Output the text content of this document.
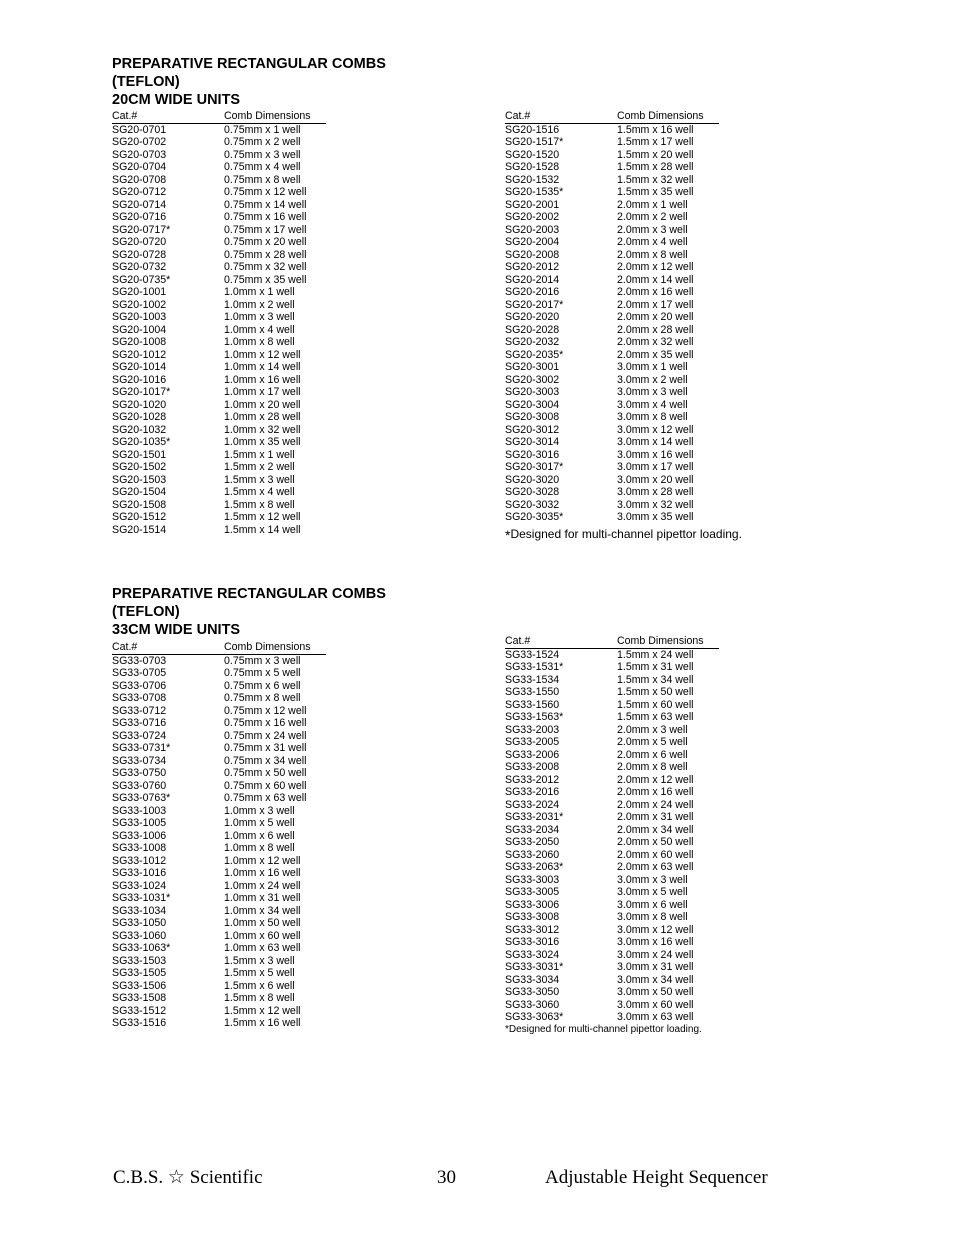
PREPARATIVE RECTANGULAR COMBS
(TEFLON)
20CM WIDE UNITS
Cat.#	Comb Dimensions
SG20-0701	0.75mm x 1 well
SG20-0702	0.75mm x 2 well
SG20-0703	0.75mm x 3 well
SG20-0704	0.75mm x 4 well
SG20-0708	0.75mm x 8 well
SG20-0712	0.75mm x 12 well
SG20-0714	0.75mm x 14 well
SG20-0716	0.75mm x 16 well
SG20-0717*	0.75mm x 17 well
SG20-0720	0.75mm x 20 well
SG20-0728	0.75mm x 28 well
SG20-0732	0.75mm x 32 well
SG20-0735*	0.75mm x 35 well
SG20-1001	1.0mm x 1 well
SG20-1002	1.0mm x 2 well
SG20-1003	1.0mm x 3 well
SG20-1004	1.0mm x 4 well
SG20-1008	1.0mm x 8 well
SG20-1012	1.0mm x 12 well
SG20-1014	1.0mm x 14 well
SG20-1016	1.0mm x 16 well
SG20-1017*	1.0mm x 17 well
SG20-1020	1.0mm x 20 well
SG20-1028	1.0mm x 28 well
SG20-1032	1.0mm x 32 well
SG20-1035*	1.0mm x 35 well
SG20-1501	1.5mm x 1 well
SG20-1502	1.5mm x 2 well
SG20-1503	1.5mm x 3 well
SG20-1504	1.5mm x 4 well
SG20-1508	1.5mm x 8 well
SG20-1512	1.5mm x 12 well
SG20-1514	1.5mm x 14 well
Cat.#	Comb Dimensions
SG20-1516	1.5mm x 16 well
SG20-1517*	1.5mm x 17 well
SG20-1520	1.5mm x 20 well
SG20-1528	1.5mm x 28 well
SG20-1532	1.5mm x 32 well
SG20-1535*	1.5mm x 35 well
SG20-2001	2.0mm x 1 well
SG20-2002	2.0mm x 2 well
SG20-2003	2.0mm x 3 well
SG20-2004	2.0mm x 4 well
SG20-2008	2.0mm x 8 well
SG20-2012	2.0mm x 12 well
SG20-2014	2.0mm x 14 well
SG20-2016	2.0mm x 16 well
SG20-2017*	2.0mm x 17 well
SG20-2020	2.0mm x 20 well
SG20-2028	2.0mm x 28 well
SG20-2032	2.0mm x 32 well
SG20-2035*	2.0mm x 35 well
SG20-3001	3.0mm x 1 well
SG20-3002	3.0mm x 2 well
SG20-3003	3.0mm x 3 well
SG20-3004	3.0mm x 4 well
SG20-3008	3.0mm x 8 well
SG20-3012	3.0mm x 12 well
SG20-3014	3.0mm x 14 well
SG20-3016	3.0mm x 16 well
SG20-3017*	3.0mm x 17 well
SG20-3020	3.0mm x 20 well
SG20-3028	3.0mm x 28 well
SG20-3032	3.0mm x 32 well
SG20-3035*	3.0mm x 35 well
*Designed for multi-channel pipettor loading.
PREPARATIVE RECTANGULAR COMBS
(TEFLON)
33CM WIDE UNITS
Cat.#	Comb Dimensions
SG33-0703	0.75mm x 3 well
SG33-0705	0.75mm x 5 well
SG33-0706	0.75mm x 6 well
SG33-0708	0.75mm x 8 well
SG33-0712	0.75mm x 12 well
SG33-0716	0.75mm x 16 well
SG33-0724	0.75mm x 24 well
SG33-0731*	0.75mm x 31 well
SG33-0734	0.75mm x 34 well
SG33-0750	0.75mm x 50 well
SG33-0760	0.75mm x 60 well
SG33-0763*	0.75mm x 63 well
SG33-1003	1.0mm x 3 well
SG33-1005	1.0mm x 5 well
SG33-1006	1.0mm x 6 well
SG33-1008	1.0mm x 8 well
SG33-1012	1.0mm x 12 well
SG33-1016	1.0mm x 16 well
SG33-1024	1.0mm x 24 well
SG33-1031*	1.0mm x 31 well
SG33-1034	1.0mm x 34 well
SG33-1050	1.0mm x 50 well
SG33-1060	1.0mm x 60 well
SG33-1063*	1.0mm x 63 well
SG33-1503	1.5mm x 3 well
SG33-1505	1.5mm x 5 well
SG33-1506	1.5mm x 6 well
SG33-1508	1.5mm x 8 well
SG33-1512	1.5mm x 12 well
SG33-1516	1.5mm x 16 well
Cat.#	Comb Dimensions
SG33-1524	1.5mm x 24 well
SG33-1531*	1.5mm x 31 well
SG33-1534	1.5mm x 34 well
SG33-1550	1.5mm x 50 well
SG33-1560	1.5mm x 60 well
SG33-1563*	1.5mm x 63 well
SG33-2003	2.0mm x 3 well
SG33-2005	2.0mm x 5 well
SG33-2006	2.0mm x 6 well
SG33-2008	2.0mm x 8 well
SG33-2012	2.0mm x 12 well
SG33-2016	2.0mm x 16 well
SG33-2024	2.0mm x 24 well
SG33-2031*	2.0mm x 31 well
SG33-2034	2.0mm x 34 well
SG33-2050	2.0mm x 50 well
SG33-2060	2.0mm x 60 well
SG33-2063*	2.0mm x 63 well
SG33-3003	3.0mm x 3 well
SG33-3005	3.0mm x 5 well
SG33-3006	3.0mm x 6 well
SG33-3008	3.0mm x 8 well
SG33-3012	3.0mm x 12 well
SG33-3016	3.0mm x 16 well
SG33-3024	3.0mm x 24 well
SG33-3031*	3.0mm x 31 well
SG33-3034	3.0mm x 34 well
SG33-3050	3.0mm x 50 well
SG33-3060	3.0mm x 60 well
SG33-3063*	3.0mm x 63 well
*Designed for multi-channel pipettor loading.
C.B.S. ☆ Scientific	30	Adjustable Height Sequencer
